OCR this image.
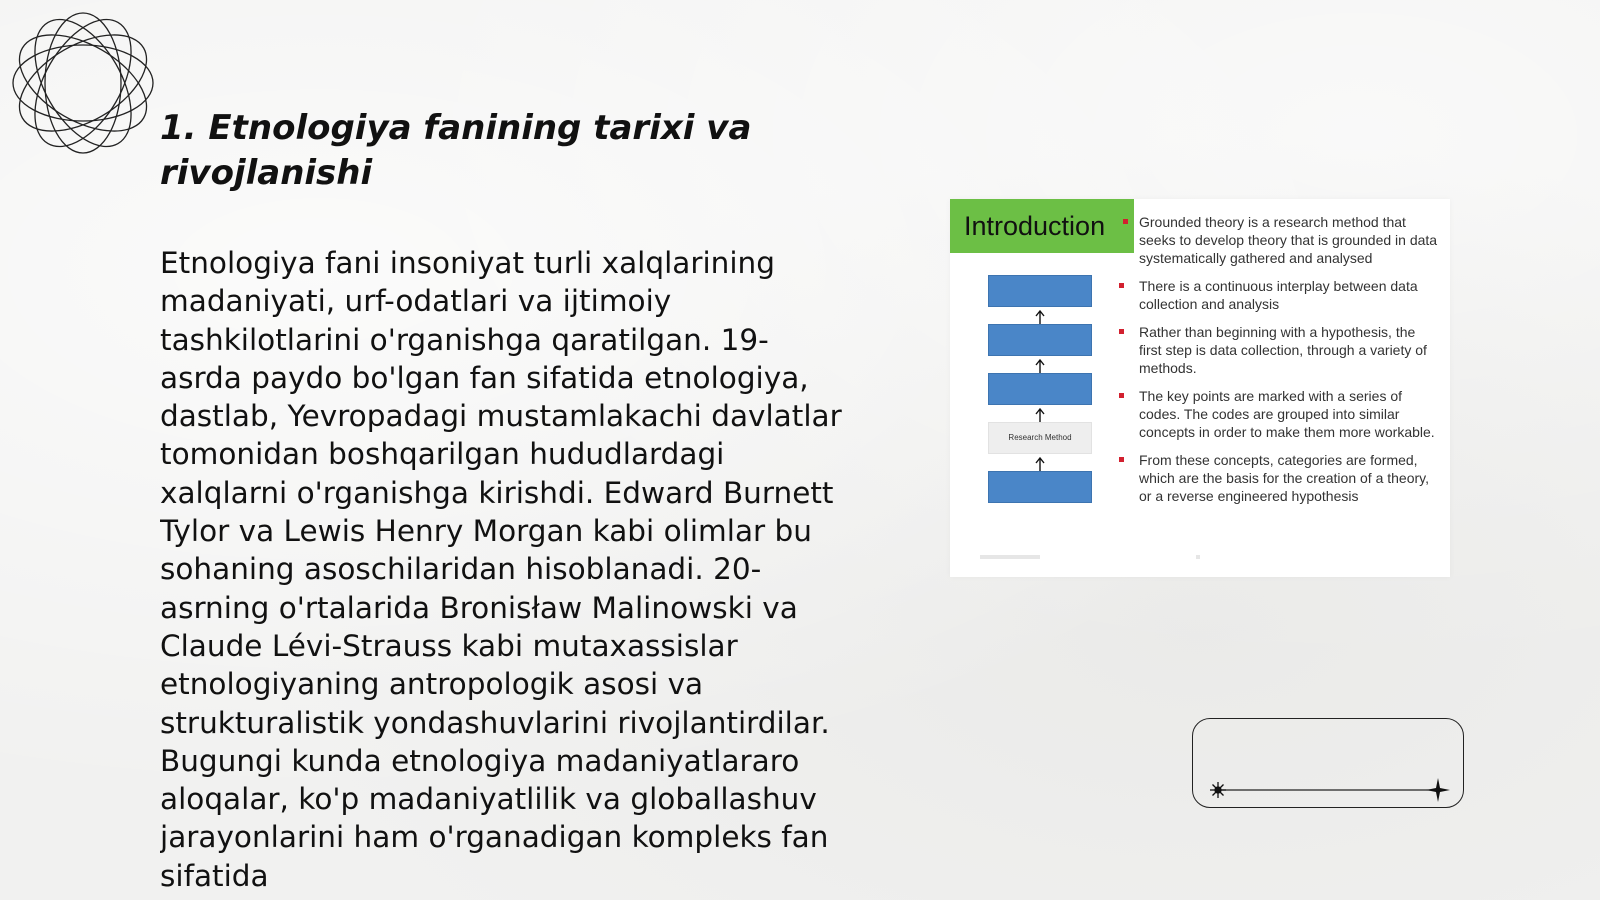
1. Etnologiya fanining tarixi va rivojlanishi

Etnologiya fani insoniyat turli xalqlarining madaniyati, urf-odatlari va ijtimoiy tashkilotlarini o'rganishga qaratilgan. 19-asrda paydo bo'lgan fan sifatida etnologiya, dastlab, Yevropadagi mustamlakachi davlatlar tomonidan boshqarilgan hududlardagi xalqlarni o'rganishga kirishdi. Edward Burnett Tylor va Lewis Henry Morgan kabi olimlar bu sohaning asoschilaridan hisoblanadi. 20-asrning o'rtalarida Bronisław Malinowski va Claude Lévi-Strauss kabi mutaxassislar etnologiyaning antropologik asosi va strukturalistik yondashuvlarini rivojlantirdilar. Bugungi kunda etnologiya madaniyatlararo aloqalar, ko'p madaniyatlilik va globallashuv jarayonlarini ham o'rganadigan kompleks fan sifatida

Introduction
Research Method
Grounded theory is a research method that seeks to develop theory that is grounded in data systematically gathered and analysed
There is a continuous interplay between data collection and analysis
Rather than beginning with a hypothesis, the first step is data collection, through a variety of methods.
The key points are marked with a series of codes. The codes are grouped into similar concepts in order to make them more workable.
From these concepts, categories are formed, which are the basis for the creation of a theory, or a reverse engineered hypothesis
